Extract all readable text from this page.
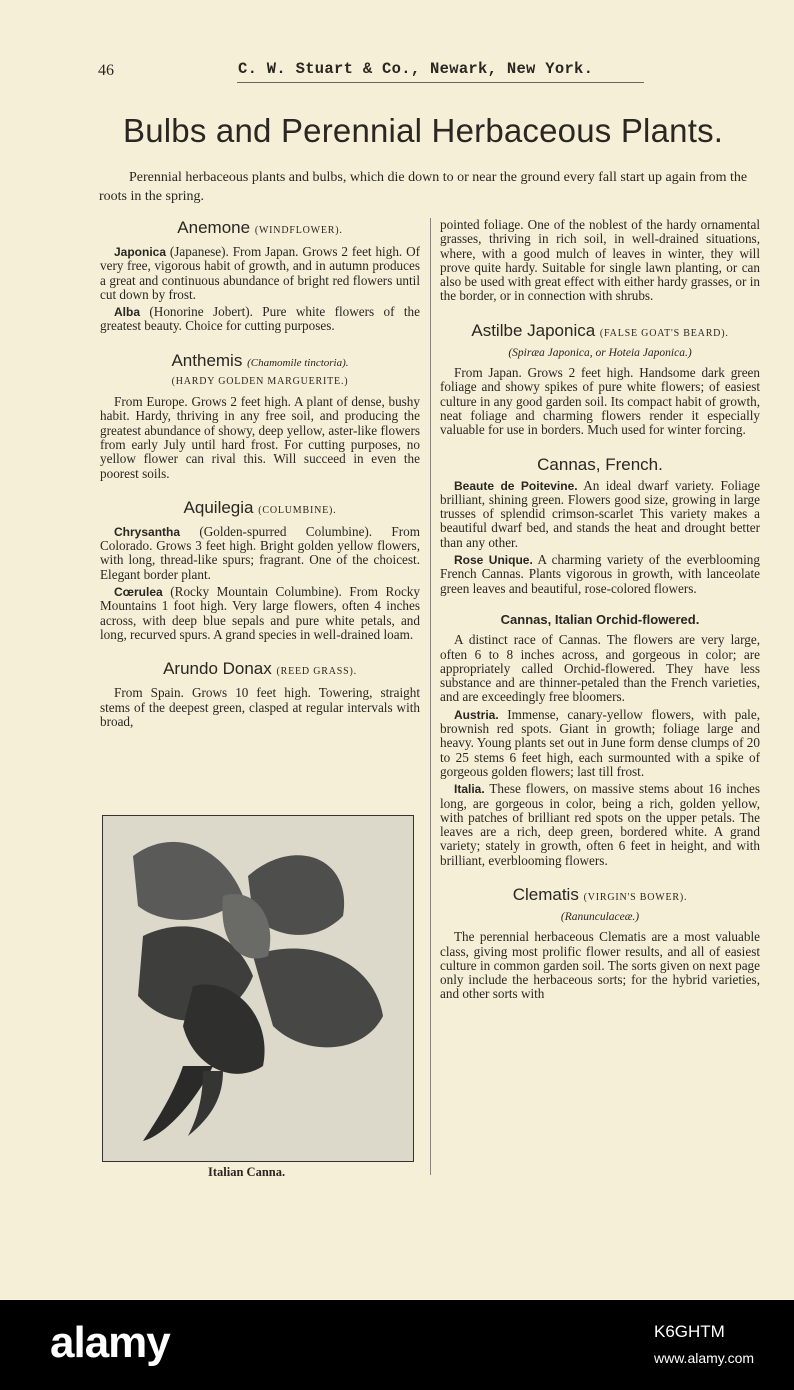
46	C. W. Stuart & Co., Newark, New York.
Bulbs and Perennial Herbaceous Plants.
Perennial herbaceous plants and bulbs, which die down to or near the ground every fall start up again from the roots in the spring.
Anemone (WINDFLOWER).

Japonica (Japanese). From Japan. Grows 2 feet high. Of very free, vigorous habit of growth, and in autumn produces a great and continuous abundance of bright red flowers until cut down by frost.

Alba (Honorine Jobert). Pure white flowers of the greatest beauty. Choice for cutting purposes.

Anthemis (Chamomile tinctoria).
(HARDY GOLDEN MARGUERITE.)

From Europe. Grows 2 feet high. A plant of dense, bushy habit. Hardy, thriving in any free soil, and producing the greatest abundance of showy, deep yellow, aster-like flowers from early July until hard frost. For cutting purposes, no yellow flower can rival this. Will succeed in even the poorest soils.

Aquilegia (COLUMBINE).

Chrysantha (Golden-spurred Columbine). From Colorado. Grows 3 feet high. Bright golden yellow flowers, with long, thread-like spurs; fragrant. One of the choicest. Elegant border plant.

Cœrulea (Rocky Mountain Columbine). From Rocky Mountains 1 foot high. Very large flowers, often 4 inches across, with deep blue sepals and pure white petals, and long, recurved spurs. A grand species in well-drained loam.

Arundo Donax (REED GRASS).

From Spain. Grows 10 feet high. Towering, straight stems of the deepest green, clasped at regular intervals with broad,

Italian Canna.

pointed foliage. One of the noblest of the hardy ornamental grasses, thriving in rich soil, in well-drained situations, where, with a good mulch of leaves in winter, they will prove quite hardy. Suitable for single lawn planting, or can also be used with great effect with either hardy grasses, or in the border, or in connection with shrubs.

Astilbe Japonica (FALSE GOAT'S BEARD).
(Spiræa Japonica, or Hoteia Japonica.)

From Japan. Grows 2 feet high. Handsome dark green foliage and showy spikes of pure white flowers; of easiest culture in any good garden soil. Its compact habit of growth, neat foliage and charming flowers render it especially valuable for use in borders. Much used for winter forcing.

Cannas, French.

Beaute de Poitevine. An ideal dwarf variety. Foliage brilliant, shining green. Flowers good size, growing in large trusses of splendid crimson-scarlet This variety makes a beautiful dwarf bed, and stands the heat and drought better than any other.

Rose Unique. A charming variety of the everblooming French Cannas. Plants vigorous in growth, with lanceolate green leaves and beautiful, rose-colored flowers.

Cannas, Italian Orchid-flowered.

A distinct race of Cannas. The flowers are very large, often 6 to 8 inches across, and gorgeous in color; are appropriately called Orchid-flowered. They have less substance and are thinner-petaled than the French varieties, and are exceedingly free bloomers.

Austria. Immense, canary-yellow flowers, with pale, brownish red spots. Giant in growth; foliage large and heavy. Young plants set out in June form dense clumps of 20 to 25 stems 6 feet high, each surmounted with a spike of gorgeous golden flowers; last till frost.

Italia. These flowers, on massive stems about 16 inches long, are gorgeous in color, being a rich, golden yellow, with patches of brilliant red spots on the upper petals. The leaves are a rich, deep green, bordered white. A grand variety; stately in growth, often 6 feet in height, and with brilliant, everblooming flowers.

Clematis (VIRGIN'S BOWER).
(Ranunculaceæ.)

The perennial herbaceous Clematis are a most valuable class, giving most prolific flower results, and all of easiest culture in common garden soil. The sorts given on next page only include the herbaceous sorts; for the hybrid varieties, and other sorts with

alamy	K6GHTM
www.alamy.com
